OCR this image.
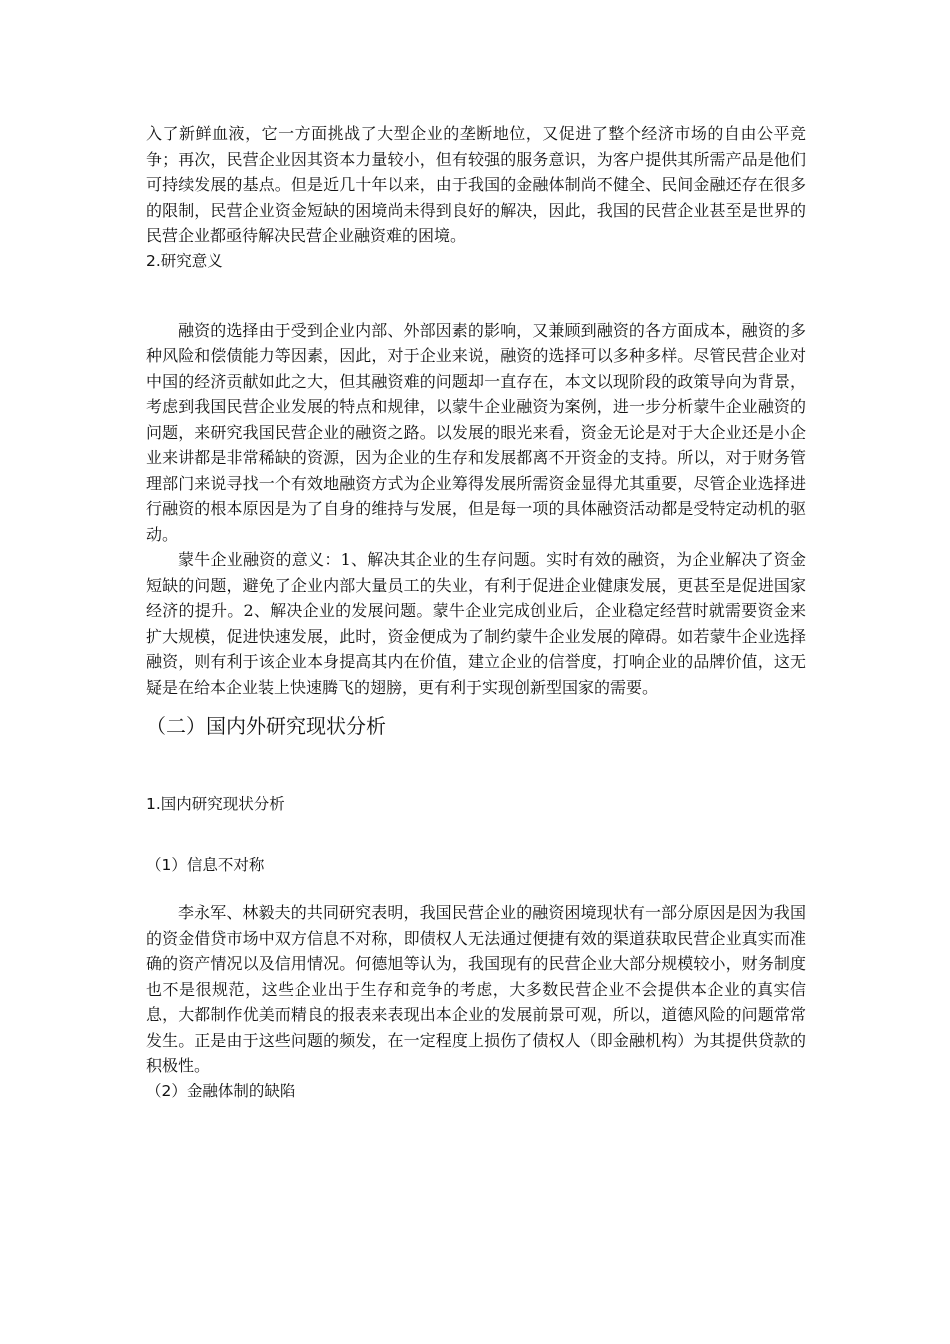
入了新鲜血液，它一方面挑战了大型企业的垄断地位，又促进了整个经济市场的自由公平竞争；再次，民营企业因其资本力量较小，但有较强的服务意识，为客户提供其所需产品是他们可持续发展的基点。但是近几十年以来，由于我国的金融体制尚不健全、民间金融还存在很多的限制，民营企业资金短缺的困境尚未得到良好的解决，因此，我国的民营企业甚至是世界的民营企业都亟待解决民营企业融资难的困境。

2.研究意义

融资的选择由于受到企业内部、外部因素的影响，又兼顾到融资的各方面成本，融资的多种风险和偿债能力等因素，因此，对于企业来说，融资的选择可以多种多样。尽管民营企业对中国的经济贡献如此之大，但其融资难的问题却一直存在，本文以现阶段的政策导向为背景，考虑到我国民营企业发展的特点和规律，以蒙牛企业融资为案例，进一步分析蒙牛企业融资的问题，来研究我国民营企业的融资之路。以发展的眼光来看，资金无论是对于大企业还是小企业来讲都是非常稀缺的资源，因为企业的生存和发展都离不开资金的支持。所以，对于财务管理部门来说寻找一个有效地融资方式为企业筹得发展所需资金显得尤其重要，尽管企业选择进行融资的根本原因是为了自身的维持与发展，但是每一项的具体融资活动都是受特定动机的驱动。

蒙牛企业融资的意义：1、解决其企业的生存问题。实时有效的融资，为企业解决了资金短缺的问题，避免了企业内部大量员工的失业，有利于促进企业健康发展，更甚至是促进国家经济的提升。2、解决企业的发展问题。蒙牛企业完成创业后，企业稳定经营时就需要资金来扩大规模，促进快速发展，此时，资金便成为了制约蒙牛企业发展的障碍。如若蒙牛企业选择融资，则有利于该企业本身提高其内在价值，建立企业的信誉度，打响企业的品牌价值，这无疑是在给本企业装上快速腾飞的翅膀，更有利于实现创新型国家的需要。

（二）国内外研究现状分析
1.国内研究现状分析
（1）信息不对称

李永军、林毅夫的共同研究表明，我国民营企业的融资困境现状有一部分原因是因为我国的资金借贷市场中双方信息不对称，即债权人无法通过便捷有效的渠道获取民营企业真实而准确的资产情况以及信用情况。何德旭等认为，我国现有的民营企业大部分规模较小，财务制度也不是很规范，这些企业出于生存和竞争的考虑，大多数民营企业不会提供本企业的真实信息，大都制作优美而精良的报表来表现出本企业的发展前景可观，所以，道德风险的问题常常发生。正是由于这些问题的频发，在一定程度上损伤了债权人（即金融机构）为其提供贷款的积极性。

（2）金融体制的缺陷
